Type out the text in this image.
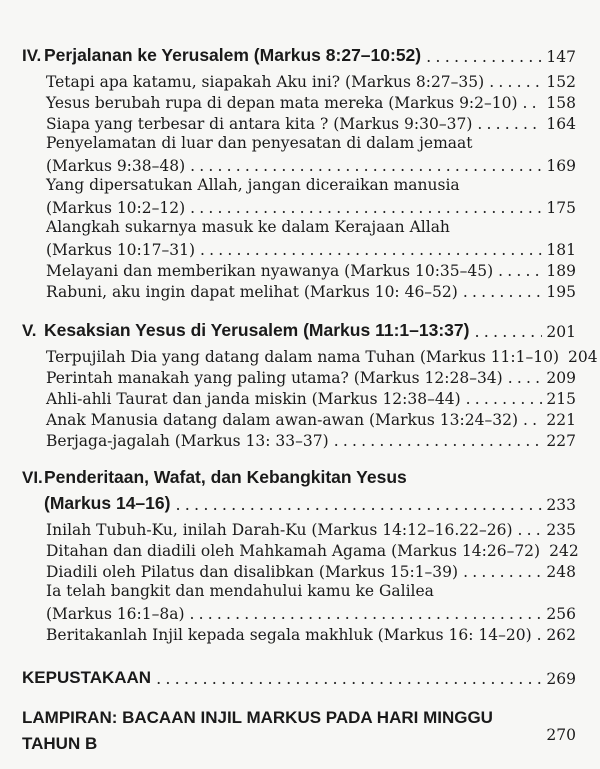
IV. Perjalanan ke Yerusalem (Markus 8:27–10:52) .....	147
Tetapi apa katamu, siapakah Aku ini? (Markus 8:27–35) .....	152
Yesus berubah rupa di depan mata mereka (Markus 9:2–10) ..... 158
Siapa yang terbesar di antara kita ? (Markus 9:30–37) .....	164
Penyelamatan di luar dan penyesatan di dalam jemaat
(Markus 9:38–48) .....	169
Yang dipersatukan Allah, jangan diceraikan manusia
(Markus 10:2–12) .....	175
Alangkah sukarnya masuk ke dalam Kerajaan Allah
(Markus 10:17–31) .....	181
Melayani dan memberikan nyawanya (Markus 10:35–45) .....	189
Rabuni, aku ingin dapat melihat (Markus 10: 46–52) .....	195
V. Kesaksian Yesus di Yerusalem (Markus 11:1–13:37) .....	201
Terpujilah Dia yang datang dalam nama Tuhan (Markus 11:1–10) ..... 204
Perintah manakah yang paling utama? (Markus 12:28–34) .....	209
Ahli-ahli Taurat dan janda miskin (Markus 12:38–44) .....	215
Anak Manusia datang dalam awan-awan (Markus 13:24–32) ..... 221
Berjaga-jagalah (Markus 13: 33–37) .....	227
VI. Penderitaan, Wafat, dan Kebangkitan Yesus
(Markus 14–16) .....	233
Inilah Tubuh-Ku, inilah Darah-Ku (Markus 14:12–16.22–26) ..... 235
Ditahan dan diadili oleh Mahkamah Agama (Markus 14:26–72) ..... 242
Diadili oleh Pilatus dan disalibkan (Markus 15:1–39) .....	248
Ia telah bangkit dan mendahului kamu ke Galilea
(Markus 16:1–8a) .....	256
Beritakanlah Injil kepada segala makhluk (Markus 16: 14–20) ..... 262
KEPUSTAKAAN .....	269
LAMPIRAN: BACAAN INJIL MARKUS PADA HARI MINGGU
TAHUN B	270
